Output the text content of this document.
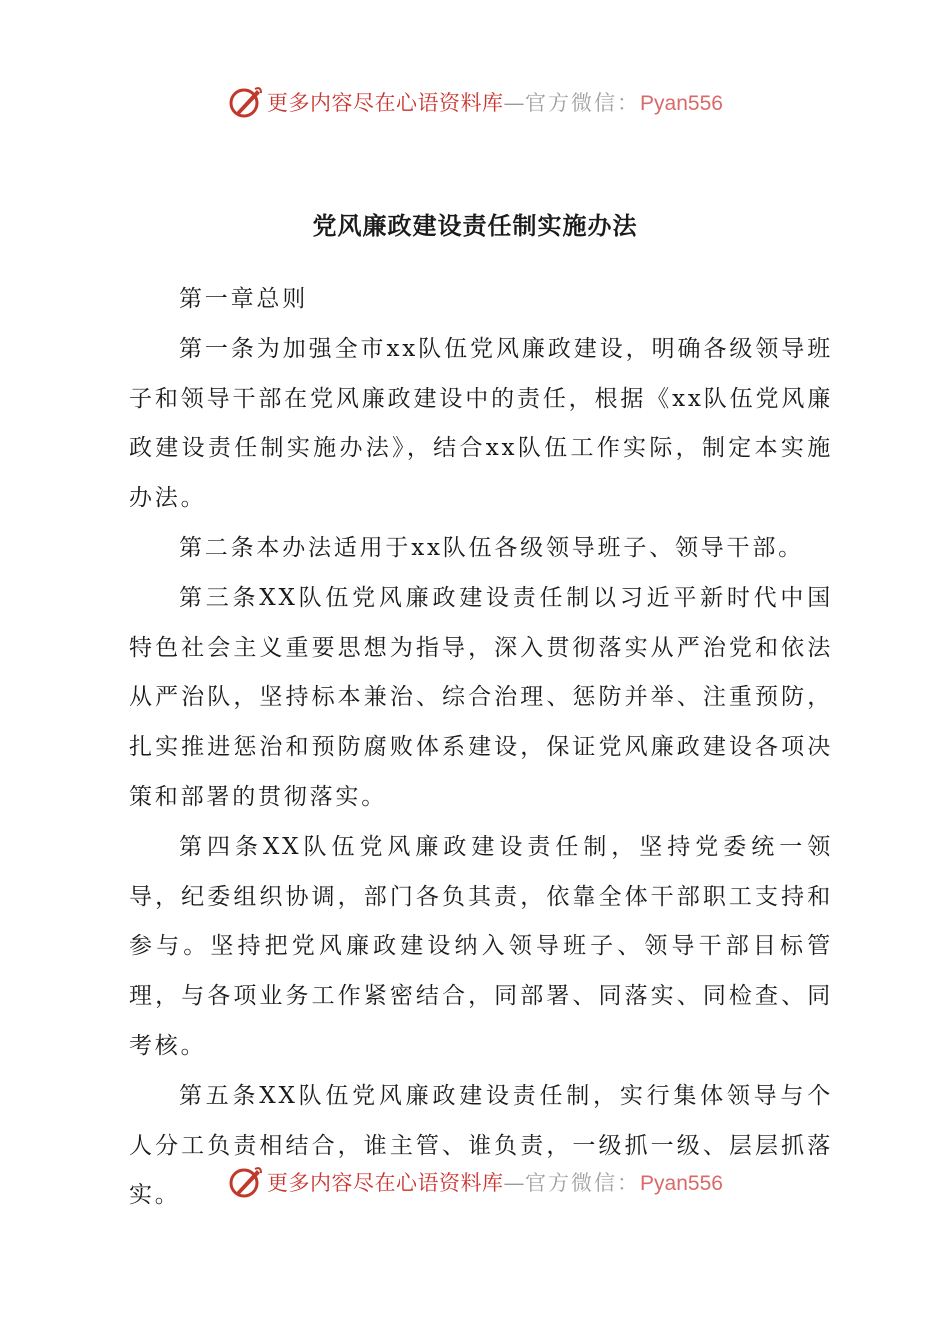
更多内容尽在心语资料库—官方微信：Pyan556
党风廉政建设责任制实施办法

第一章总则

第一条为加强全市xx队伍党风廉政建设，明确各级领导班子和领导干部在党风廉政建设中的责任，根据《xx队伍党风廉政建设责任制实施办法》，结合xx队伍工作实际，制定本实施办法。

第二条本办法适用于xx队伍各级领导班子、领导干部。

第三条XX队伍党风廉政建设责任制以习近平新时代中国特色社会主义重要思想为指导，深入贯彻落实从严治党和依法从严治队，坚持标本兼治、综合治理、惩防并举、注重预防，扎实推进惩治和预防腐败体系建设，保证党风廉政建设各项决策和部署的贯彻落实。

第四条XX队伍党风廉政建设责任制，坚持党委统一领导，纪委组织协调，部门各负其责，依靠全体干部职工支持和参与。坚持把党风廉政建设纳入领导班子、领导干部目标管理，与各项业务工作紧密结合，同部署、同落实、同检查、同考核。

第五条XX队伍党风廉政建设责任制，实行集体领导与个人分工负责相结合，谁主管、谁负责，一级抓一级、层层抓落实。	更多内容尽在心语资料库—官方微信：Pyan556
